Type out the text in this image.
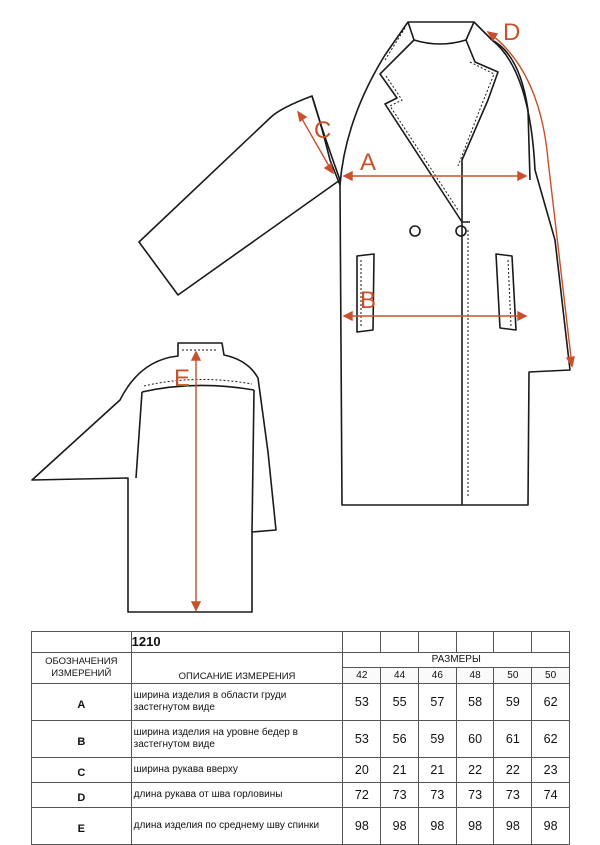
A
B
C
D
E
	1210						
ОБОЗНАЧЕНИЯ ИЗМЕРЕНИЙ	ОПИСАНИЕ ИЗМЕРЕНИЯ	РАЗМЕРЫ					
		42	44	46	48	50	50
A	ширина изделия в области груди застегнутом виде	53	55	57	58	59	62
B	ширина изделия на уровне бедер в застегнутом виде	53	56	59	60	61	62
C	ширина рукава вверху	20	21	21	22	22	23
D	длина рукава от шва горловины	72	73	73	73	73	74
E	длина изделия по среднему шву спинки	98	98	98	98	98	98
